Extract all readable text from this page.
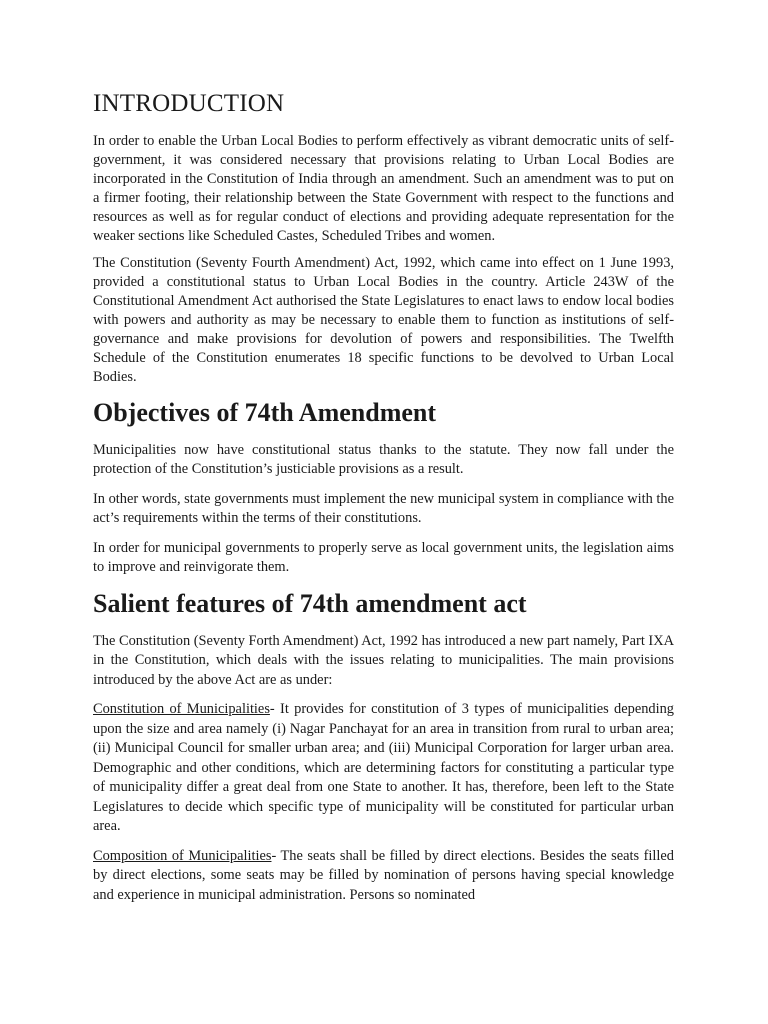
INTRODUCTION

In order to enable the Urban Local Bodies to perform effectively as vibrant democratic units of self-government, it was considered necessary that provisions relating to Urban Local Bodies are incorporated in the Constitution of India through an amendment. Such an amendment was to put on a firmer footing, their relationship between the State Government with respect to the functions and resources as well as for regular conduct of elections and providing adequate representation for the weaker sections like Scheduled Castes, Scheduled Tribes and women.

The Constitution (Seventy Fourth Amendment) Act, 1992, which came into effect on 1 June 1993, provided a constitutional status to Urban Local Bodies in the country. Article 243W of the Constitutional Amendment Act authorised the State Legislatures to enact laws to endow local bodies with powers and authority as may be necessary to enable them to function as institutions of self-governance and make provisions for devolution of powers and responsibilities. The Twelfth Schedule of the Constitution enumerates 18 specific functions to be devolved to Urban Local Bodies.

Objectives of 74th Amendment

Municipalities now have constitutional status thanks to the statute. They now fall under the protection of the Constitution’s justiciable provisions as a result.

In other words, state governments must implement the new municipal system in compliance with the act’s requirements within the terms of their constitutions.

In order for municipal governments to properly serve as local government units, the legislation aims to improve and reinvigorate them.

Salient features of 74th amendment act

The Constitution (Seventy Forth Amendment) Act, 1992 has introduced a new part namely, Part IXA in the Constitution, which deals with the issues relating to municipalities. The main provisions introduced by the above Act are as under:

Constitution of Municipalities- It provides for constitution of 3 types of municipalities depending upon the size and area namely (i) Nagar Panchayat for an area in transition from rural to urban area; (ii) Municipal Council for smaller urban area; and (iii) Municipal Corporation for larger urban area. Demographic and other conditions, which are determining factors for constituting a particular type of municipality differ a great deal from one State to another. It has, therefore, been left to the State Legislatures to decide which specific type of municipality will be constituted for particular urban area.

Composition of Municipalities- The seats shall be filled by direct elections. Besides the seats filled by direct elections, some seats may be filled by nomination of persons having special knowledge and experience in municipal administration. Persons so nominated
